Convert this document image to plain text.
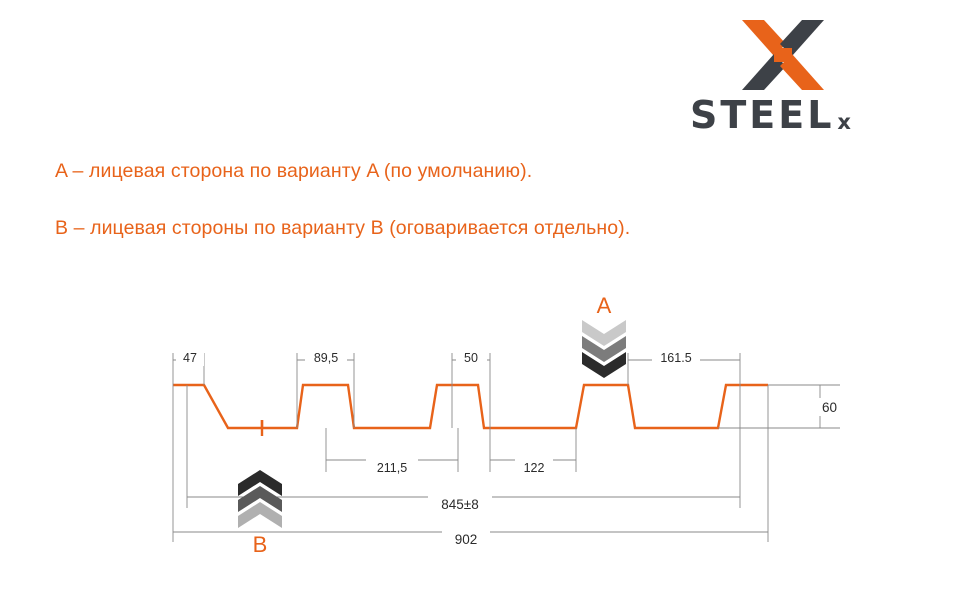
STEEL x
A – лицевая сторона по варианту A (по умолчанию).
B – лицевая стороны по варианту B (оговаривается отдельно).
47	89,5	50	161.5
60
211,5	122
845±8
902
A
B
